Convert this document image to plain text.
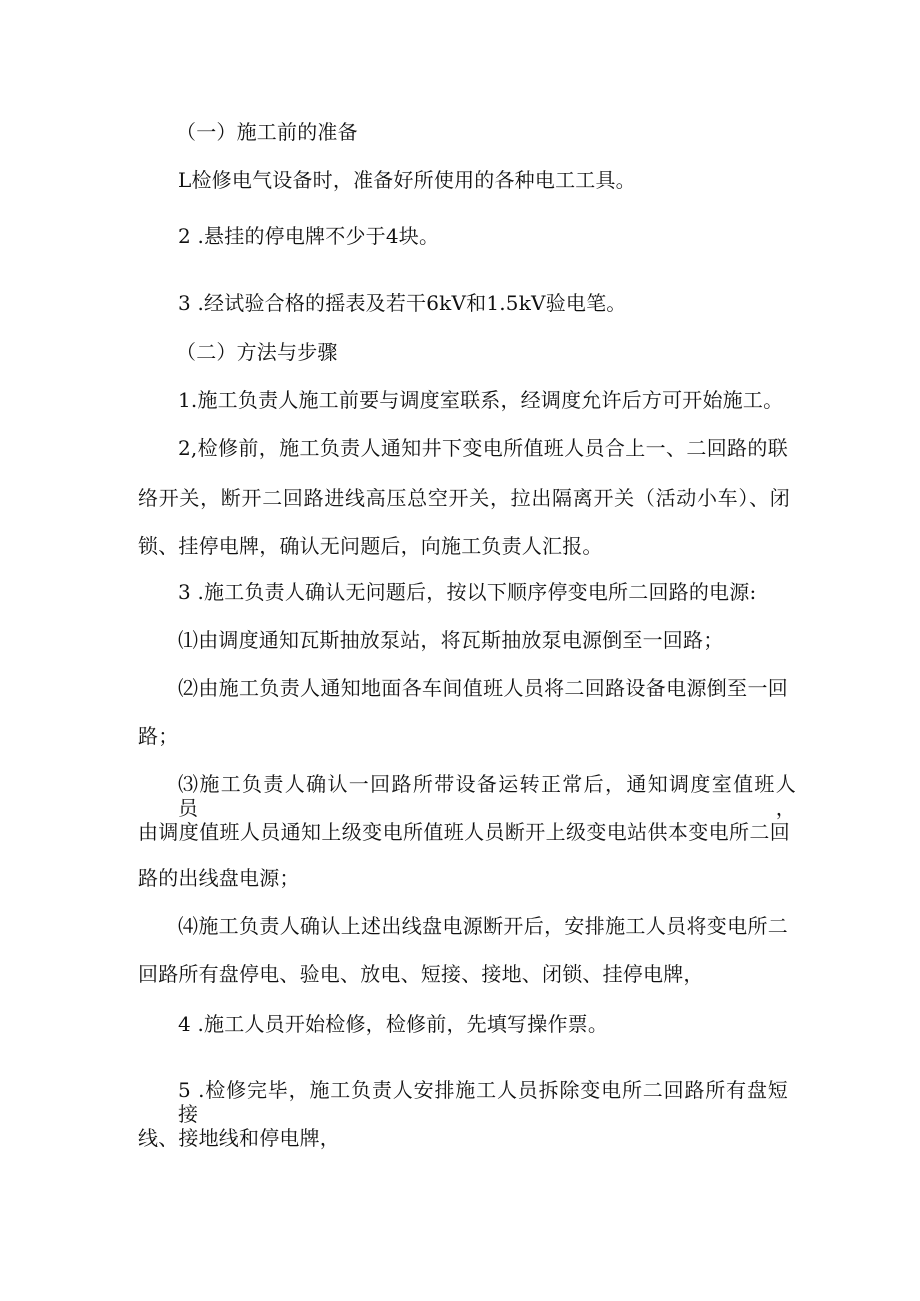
（一）施工前的准备
L检修电气设备时，准备好所使用的各种电工工具。
2 .悬挂的停电牌不少于4块。
3 .经试验合格的摇表及若干6kV和1.5kV验电笔。
（二）方法与步骤
1.施工负责人施工前要与调度室联系，经调度允许后方可开始施工。
2,检修前，施工负责人通知井下变电所值班人员合上一、二回路的联
络开关，断开二回路进线高压总空开关，拉出隔离开关（活动小车）、闭
锁、挂停电牌，确认无问题后，向施工负责人汇报。
3 .施工负责人确认无问题后，按以下顺序停变电所二回路的电源:
⑴由调度通知瓦斯抽放泵站，将瓦斯抽放泵电源倒至一回路；
⑵由施工负责人通知地面各车间值班人员将二回路设备电源倒至一回
路；
⑶施工负责人确认一回路所带设备运转正常后，通知调度室值班人员，
由调度值班人员通知上级变电所值班人员断开上级变电站供本变电所二回
路的出线盘电源；
⑷施工负责人确认上述出线盘电源断开后，安排施工人员将变电所二
回路所有盘停电、验电、放电、短接、接地、闭锁、挂停电牌，
4 .施工人员开始检修，检修前，先填写操作票。
5 .检修完毕，施工负责人安排施工人员拆除变电所二回路所有盘短接
线、接地线和停电牌，
